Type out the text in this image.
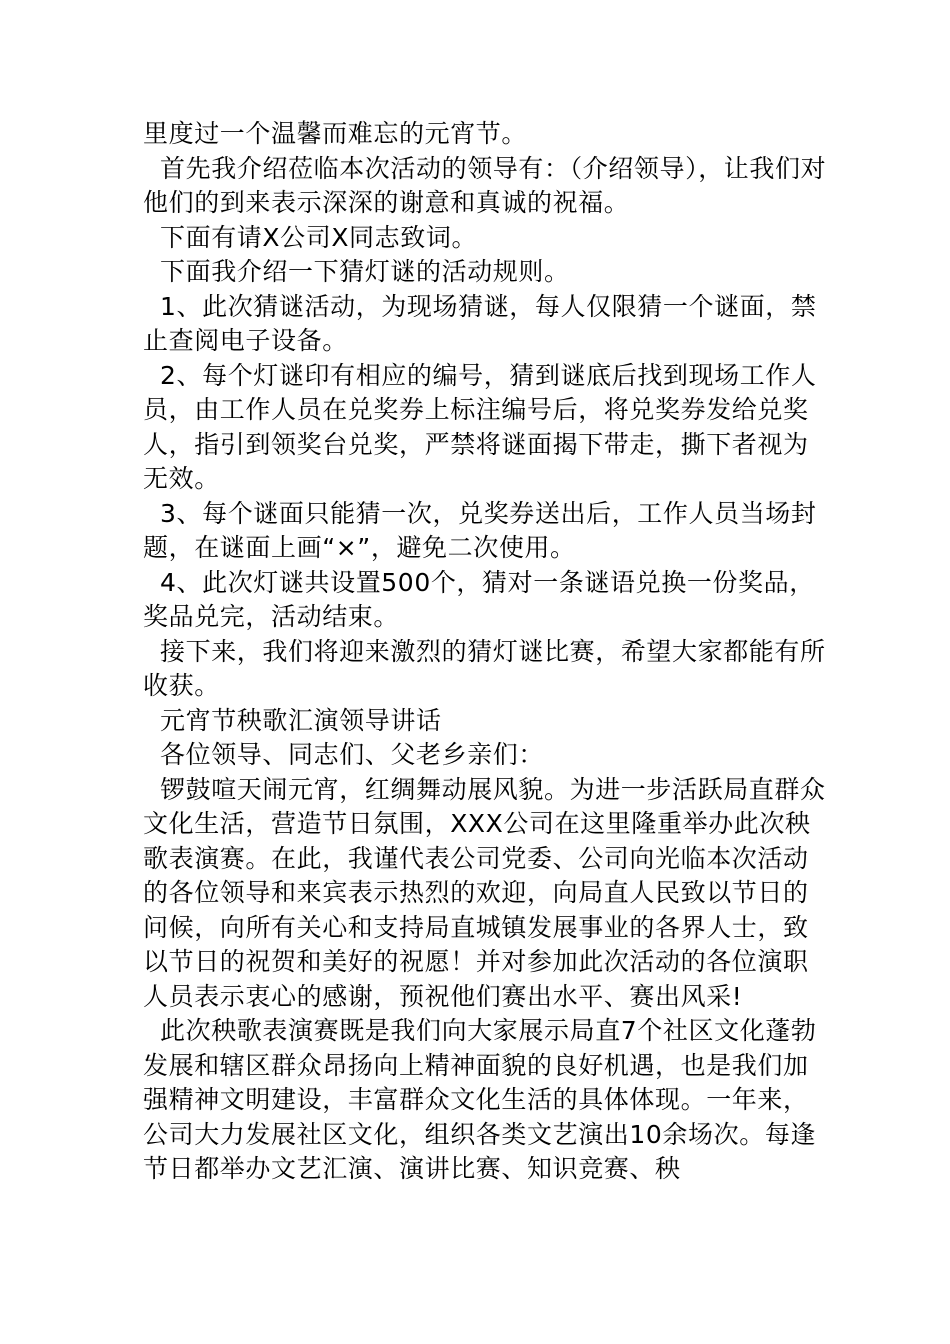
里度过一个温馨而难忘的元宵节。

首先我介绍莅临本次活动的领导有：（介绍领导），让我们对他们的到来表示深深的谢意和真诚的祝福。

下面有请X公司X同志致词。

下面我介绍一下猜灯谜的活动规则。

1、此次猜谜活动，为现场猜谜，每人仅限猜一个谜面，禁止查阅电子设备。

2、每个灯谜印有相应的编号，猜到谜底后找到现场工作人员，由工作人员在兑奖券上标注编号后，将兑奖券发给兑奖人，指引到领奖台兑奖，严禁将谜面揭下带走，撕下者视为无效。

3、每个谜面只能猜一次，兑奖券送出后，工作人员当场封题，在谜面上画“×”，避免二次使用。

4、此次灯谜共设置500个，猜对一条谜语兑换一份奖品，奖品兑完，活动结束。

接下来，我们将迎来激烈的猜灯谜比赛，希望大家都能有所收获。

元宵节秧歌汇演领导讲话

各位领导、同志们、父老乡亲们：

锣鼓喧天闹元宵，红绸舞动展风貌。为进一步活跃局直群众文化生活，营造节日氛围，XXX公司在这里隆重举办此次秧歌表演赛。在此，我谨代表公司党委、公司向光临本次活动的各位领导和来宾表示热烈的欢迎，向局直人民致以节日的问候，向所有关心和支持局直城镇发展事业的各界人士，致以节日的祝贺和美好的祝愿！并对参加此次活动的各位演职人员表示衷心的感谢，预祝他们赛出水平、赛出风采!

此次秧歌表演赛既是我们向大家展示局直7个社区文化蓬勃发展和辖区群众昂扬向上精神面貌的良好机遇，也是我们加强精神文明建设，丰富群众文化生活的具体体现。一年来，公司大力发展社区文化，组织各类文艺演出10余场次。每逢节日都举办文艺汇演、演讲比赛、知识竞赛、秧
